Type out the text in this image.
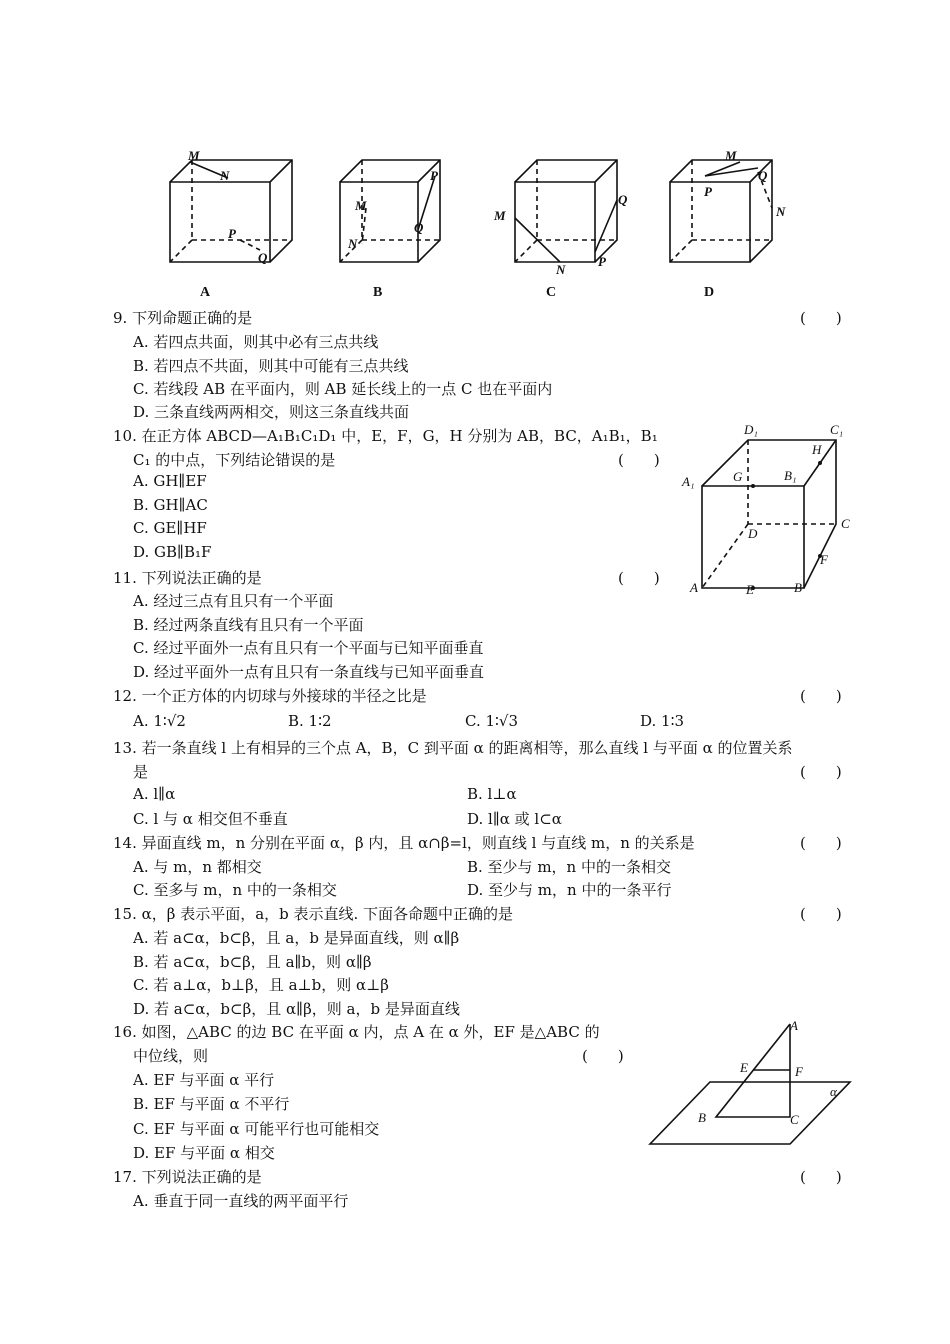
M
N
P
Q
P
M
N
Q
Q
M
N
P
M
Q
P
N
A	B	C	D
9. 下列命题正确的是	(　　)
A. 若四点共面，则其中必有三点共线
B. 若四点不共面，则其中可能有三点共线
C. 若线段 AB 在平面内，则 AB 延长线上的一点 C 也在平面内
D. 三条直线两两相交，则这三条直线共面
10. 在正方体 ABCD—A₁B₁C₁D₁ 中，E，F，G，H 分别为 AB，BC，A₁B₁，B₁
C₁ 的中点，下列结论错误的是	(　　)
A. GH∥EF
B. GH∥AC
C. GE∥HF
D. GB∥B₁F
D₁	C₁
H
A₁	G	B₁
C
D
F
A	E	B
11. 下列说法正确的是	(　　)
A. 经过三点有且只有一个平面
B. 经过两条直线有且只有一个平面
C. 经过平面外一点有且只有一个平面与已知平面垂直
D. 经过平面外一点有且只有一条直线与已知平面垂直
12. 一个正方体的内切球与外接球的半径之比是	(　　)
A. 1∶√2	B. 1∶2	C. 1∶√3	D. 1∶3
13. 若一条直线 l 上有相异的三个点 A，B，C 到平面 α 的距离相等，那么直线 l 与平面 α 的位置关系
是	(　　)
A. l∥α	B. l⊥α
C. l 与 α 相交但不垂直	D. l∥α 或 l⊂α
14. 异面直线 m，n 分别在平面 α，β 内，且 α∩β=l，则直线 l 与直线 m，n 的关系是	(　　)
A. 与 m，n 都相交	B. 至少与 m，n 中的一条相交
C. 至多与 m，n 中的一条相交	D. 至少与 m，n 中的一条平行
15. α，β 表示平面，a，b 表示直线. 下面各命题中正确的是	(　　)
A. 若 a⊂α，b⊂β，且 a，b 是异面直线，则 α∥β
B. 若 a⊂α，b⊂β，且 a∥b，则 α∥β
C. 若 a⊥α，b⊥β，且 a⊥b，则 α⊥β
D. 若 a⊂α，b⊂β，且 α∥β，则 a，b 是异面直线
16. 如图，△ABC 的边 BC 在平面 α 内，点 A 在 α 外，EF 是△ABC 的
中位线，则	(　　)
A. EF 与平面 α 平行
B. EF 与平面 α 不平行
C. EF 与平面 α 可能平行也可能相交
D. EF 与平面 α 相交
A
E	F
α
B	C
17. 下列说法正确的是	(　　)
A. 垂直于同一直线的两平面平行
